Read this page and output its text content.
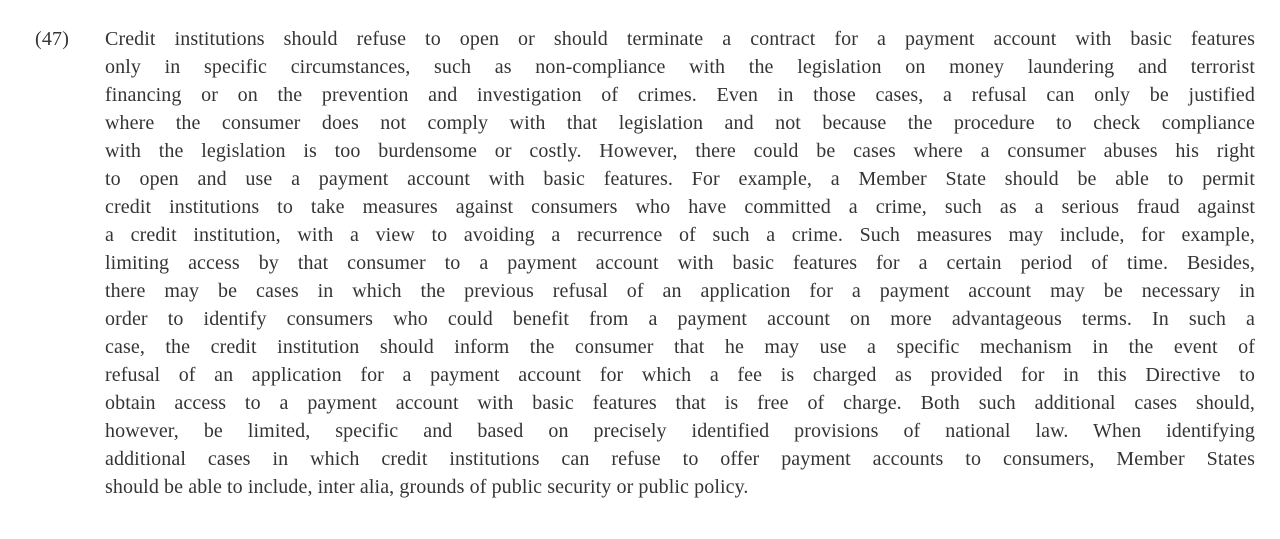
(47)	Credit institutions should refuse to open or should terminate a contract for a payment account with basic features
only in specific circumstances, such as non-compliance with the legislation on money laundering and terrorist
financing or on the prevention and investigation of crimes. Even in those cases, a refusal can only be justified
where the consumer does not comply with that legislation and not because the procedure to check compliance
with the legislation is too burdensome or costly. However, there could be cases where a consumer abuses his right
to open and use a payment account with basic features. For example, a Member State should be able to permit
credit institutions to take measures against consumers who have committed a crime, such as a serious fraud against
a credit institution, with a view to avoiding a recurrence of such a crime. Such measures may include, for example,
limiting access by that consumer to a payment account with basic features for a certain period of time. Besides,
there may be cases in which the previous refusal of an application for a payment account may be necessary in
order to identify consumers who could benefit from a payment account on more advantageous terms. In such a
case, the credit institution should inform the consumer that he may use a specific mechanism in the event of
refusal of an application for a payment account for which a fee is charged as provided for in this Directive to
obtain access to a payment account with basic features that is free of charge. Both such additional cases should,
however, be limited, specific and based on precisely identified provisions of national law. When identifying
additional cases in which credit institutions can refuse to offer payment accounts to consumers, Member States
should be able to include, inter alia, grounds of public security or public policy.
